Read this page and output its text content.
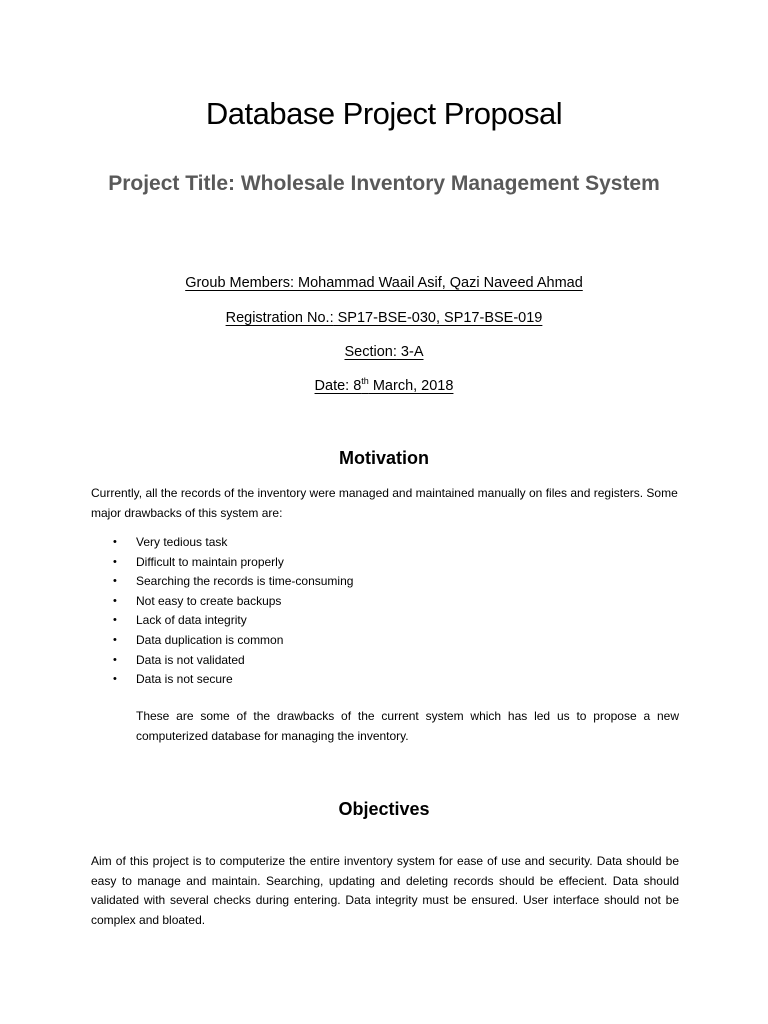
Database Project Proposal
Project Title: Wholesale Inventory Management System
Groub Members: Mohammad Waail Asif, Qazi Naveed Ahmad
Registration No.: SP17-BSE-030, SP17-BSE-019
Section: 3-A
Date: 8th March, 2018
Motivation

Currently, all the records of the inventory were managed and maintained manually on files and registers. Some major drawbacks of this system are:

• Very tedious task
• Difficult to maintain properly
• Searching the records is time-consuming
• Not easy to create backups
• Lack of data integrity
• Data duplication is common
• Data is not validated
• Data is not secure

These are some of the drawbacks of the current system which has led us to propose a new computerized database for managing the inventory.

Objectives

Aim of this project is to computerize the entire inventory system for ease of use and security. Data should be easy to manage and maintain. Searching, updating and deleting records should be effecient. Data should validated with several checks during entering. Data integrity must be ensured. User interface should not be complex and bloated.
